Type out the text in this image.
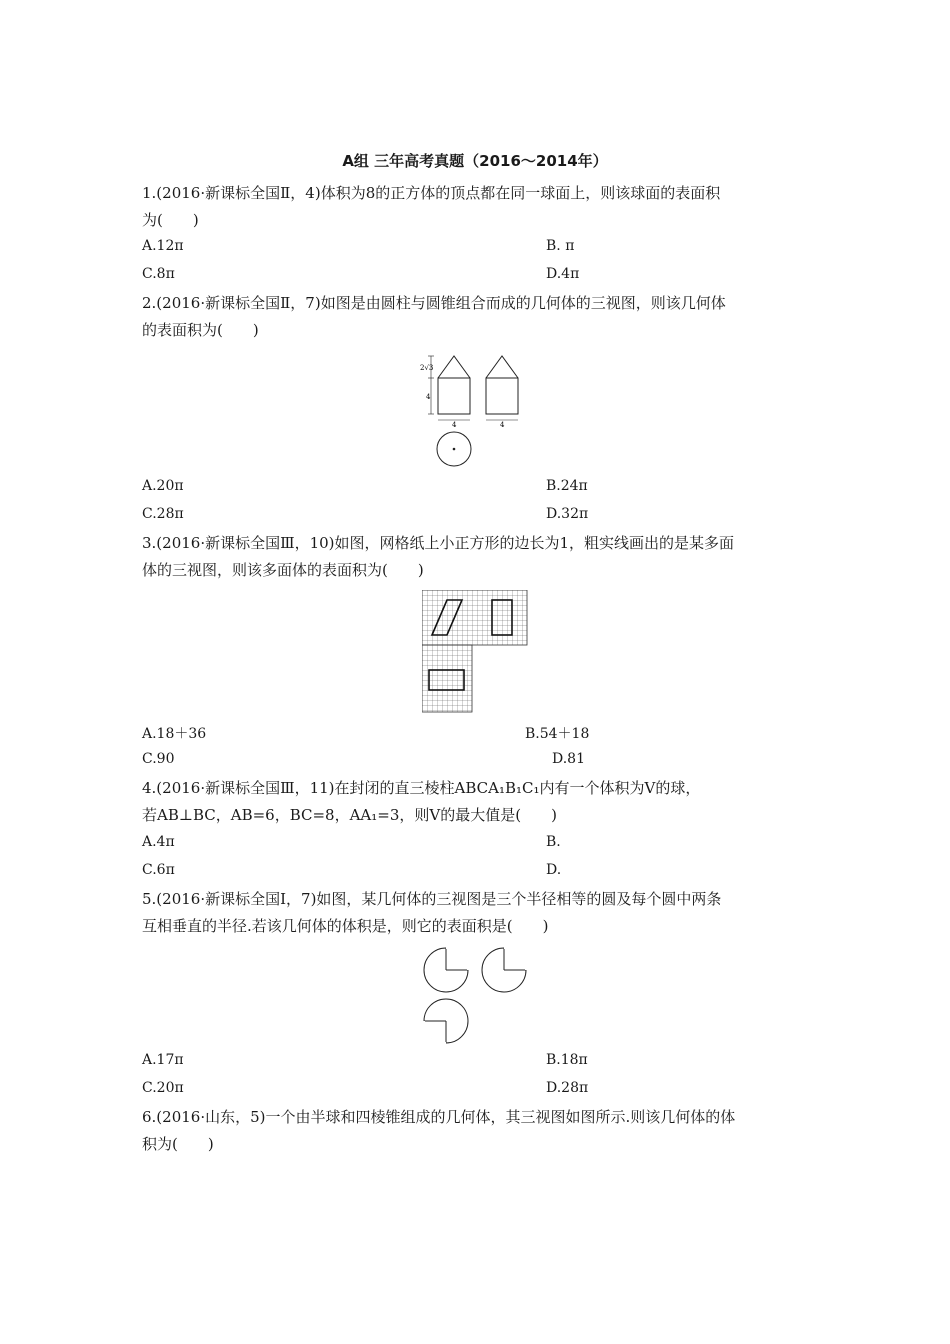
A组 三年高考真题（2016～2014年）
1.(2016·新课标全国Ⅱ，4)体积为8的正方体的顶点都在同一球面上，则该球面的表面积
为(　　)
A.12π	B. π
C.8π	D.4π
2.(2016·新课标全国Ⅱ，7)如图是由圆柱与圆锥组合而成的几何体的三视图，则该几何体
的表面积为(　　)
2√3
4
4	4
A.20π	B.24π
C.28π	D.32π
3.(2016·新课标全国Ⅲ，10)如图，网格纸上小正方形的边长为1，粗实线画出的是某多面
体的三视图，则该多面体的表面积为(　　)
A.18＋36	B.54＋18
C.90	D.81
4.(2016·新课标全国Ⅲ，11)在封闭的直三棱柱ABCA₁B₁C₁内有一个体积为V的球，
若AB⊥BC，AB=6，BC=8，AA₁=3，则V的最大值是(　　)
A.4π	B.
C.6π	D.
5.(2016·新课标全国Ⅰ，7)如图，某几何体的三视图是三个半径相等的圆及每个圆中两条
互相垂直的半径.若该几何体的体积是，则它的表面积是(　　)
A.17π	B.18π
C.20π	D.28π
6.(2016·山东，5)一个由半球和四棱锥组成的几何体，其三视图如图所示.则该几何体的体
积为(　　)
